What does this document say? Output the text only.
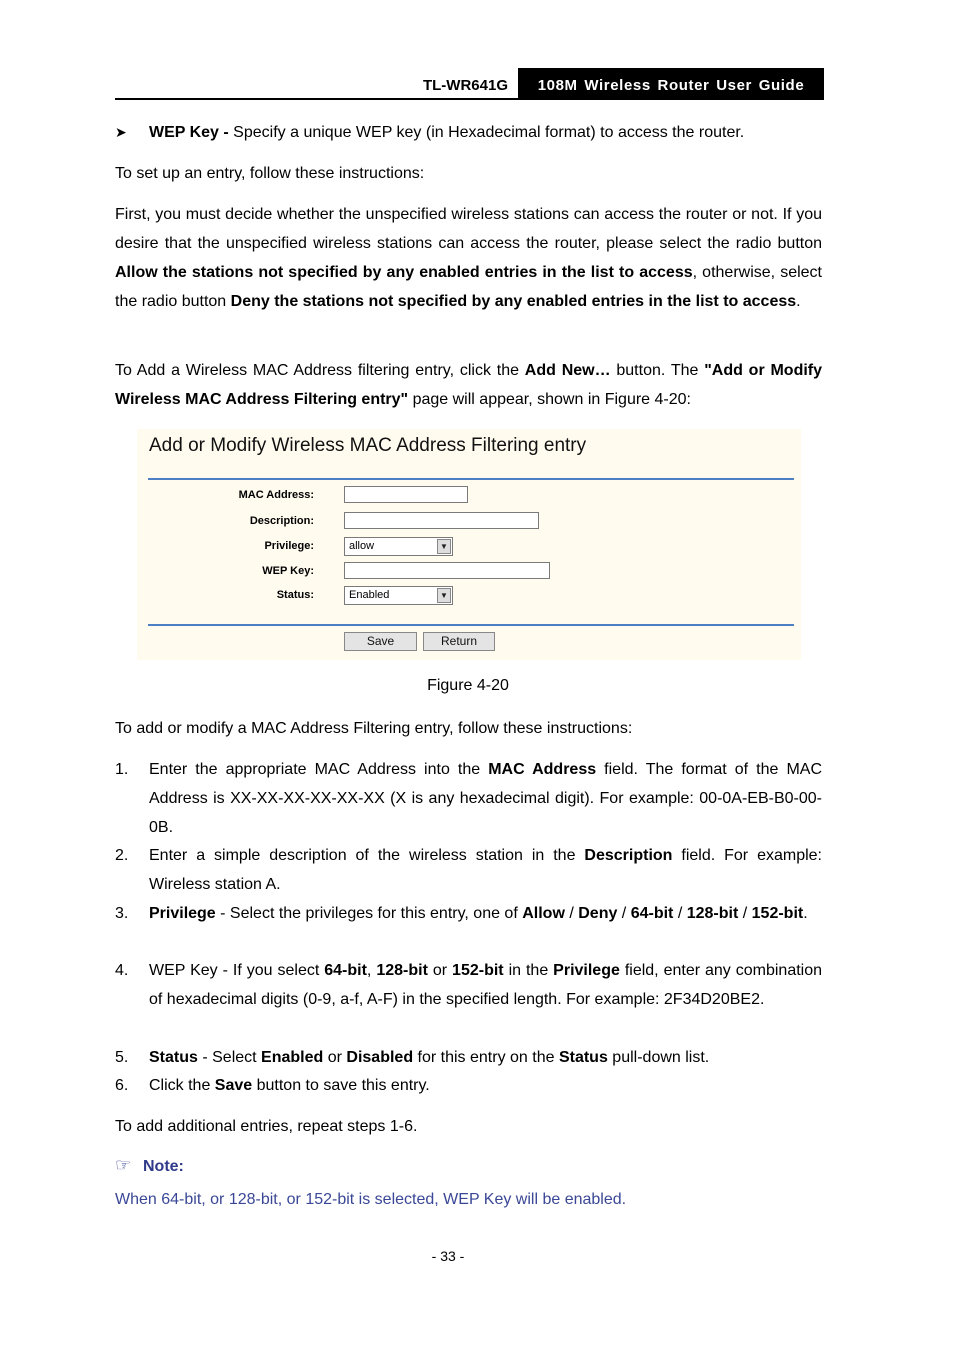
TL-WR641G	108M Wireless Router User Guide
➤ WEP Key - Specify a unique WEP key (in Hexadecimal format) to access the router.

To set up an entry, follow these instructions:

First, you must decide whether the unspecified wireless stations can access the router or not. If you desire that the unspecified wireless stations can access the router, please select the radio button Allow the stations not specified by any enabled entries in the list to access, otherwise, select the radio button Deny the stations not specified by any enabled entries in the list to access.

To Add a Wireless MAC Address filtering entry, click the Add New… button. The "Add or Modify Wireless MAC Address Filtering entry" page will appear, shown in Figure 4-20:

Add or Modify Wireless MAC Address Filtering entry
MAC Address:
Description:
Privilege:	allow	▼
WEP Key:
Status:	Enabled	▼
Save	Return
Figure 4-20

To add or modify a MAC Address Filtering entry, follow these instructions:

1. Enter the appropriate MAC Address into the MAC Address field. The format of the MAC Address is XX-XX-XX-XX-XX-XX (X is any hexadecimal digit). For example: 00-0A-EB-B0-00-0B.
2. Enter a simple description of the wireless station in the Description field. For example: Wireless station A.
3. Privilege - Select the privileges for this entry, one of Allow / Deny / 64-bit / 128-bit / 152-bit.
4. WEP Key - If you select 64-bit, 128-bit or 152-bit in the Privilege field, enter any combination of hexadecimal digits (0-9, a-f, A-F) in the specified length. For example: 2F34D20BE2.
5. Status - Select Enabled or Disabled for this entry on the Status pull-down list.
6. Click the Save button to save this entry.

To add additional entries, repeat steps 1-6.

☞ Note:
When 64-bit, or 128-bit, or 152-bit is selected, WEP Key will be enabled.
- 33 -
